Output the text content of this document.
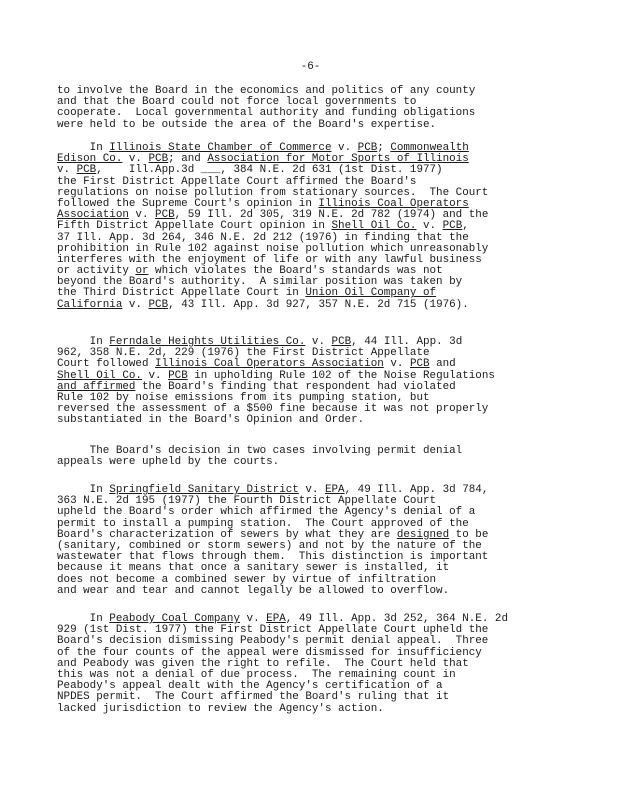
-6-
to involve the Board in the economics and politics of any county
and that the Board could not force local governments to
cooperate.  Local governmental authority and funding obligations
were held to be outside the area of the Board's expertise.
In Illinois State Chamber of Commerce v. PCB; Commonwealth
Edison Co. v. PCB; and Association for Motor Sports of Illinois
v. PCB,    Ill.App.3d ___, 384 N.E. 2d 631 (1st Dist. 1977)
the First District Appellate Court affirmed the Board's
regulations on noise pollution from stationary sources.  The Court
followed the Supreme Court's opinion in Illinois Coal Operators
Association v. PCB, 59 Ill. 2d 305, 319 N.E. 2d 782 (1974) and the
Fifth District Appellate Court opinion in Shell Oil Co. v. PCB,
37 Ill. App. 3d 264, 346 N.E. 2d 212 (1976) in finding that the
prohibition in Rule 102 against noise pollution which unreasonably
interferes with the enjoyment of life or with any lawful business
or activity or which violates the Board's standards was not
beyond the Board's authority.  A similar position was taken by
the Third District Appellate Court in Union Oil Company of
California v. PCB, 43 Ill. App. 3d 927, 357 N.E. 2d 715 (1976).
In Ferndale Heights Utilities Co. v. PCB, 44 Ill. App. 3d
962, 358 N.E. 2d, 229 (1976) the First District Appellate
Court followed Illinois Coal Operators Association v. PCB and
Shell Oil Co. v. PCB in upholding Rule 102 of the Noise Regulations
and affirmed the Board's finding that respondent had violated
Rule 102 by noise emissions from its pumping station, but
reversed the assessment of a $500 fine because it was not properly
substantiated in the Board's Opinion and Order.
The Board's decision in two cases involving permit denial
appeals were upheld by the courts.
In Springfield Sanitary District v. EPA, 49 Ill. App. 3d 784,
363 N.E. 2d 195 (1977) the Fourth District Appellate Court
upheld the Board's order which affirmed the Agency's denial of a
permit to install a pumping station.  The Court approved of the
Board's characterization of sewers by what they are designed to be
(sanitary, combined or storm sewers) and not by the nature of the
wastewater that flows through them.  This distinction is important
because it means that once a sanitary sewer is installed, it
does not become a combined sewer by virtue of infiltration
and wear and tear and cannot legally be allowed to overflow.
In Peabody Coal Company v. EPA, 49 Ill. App. 3d 252, 364 N.E. 2d
929 (1st Dist. 1977) the First District Appellate Court upheld the
Board's decision dismissing Peabody's permit denial appeal.  Three
of the four counts of the appeal were dismissed for insufficiency
and Peabody was given the right to refile.  The Court held that
this was not a denial of due process.  The remaining count in
Peabody's appeal dealt with the Agency's certification of a
NPDES permit.  The Court affirmed the Board's ruling that it
lacked jurisdiction to review the Agency's action.
